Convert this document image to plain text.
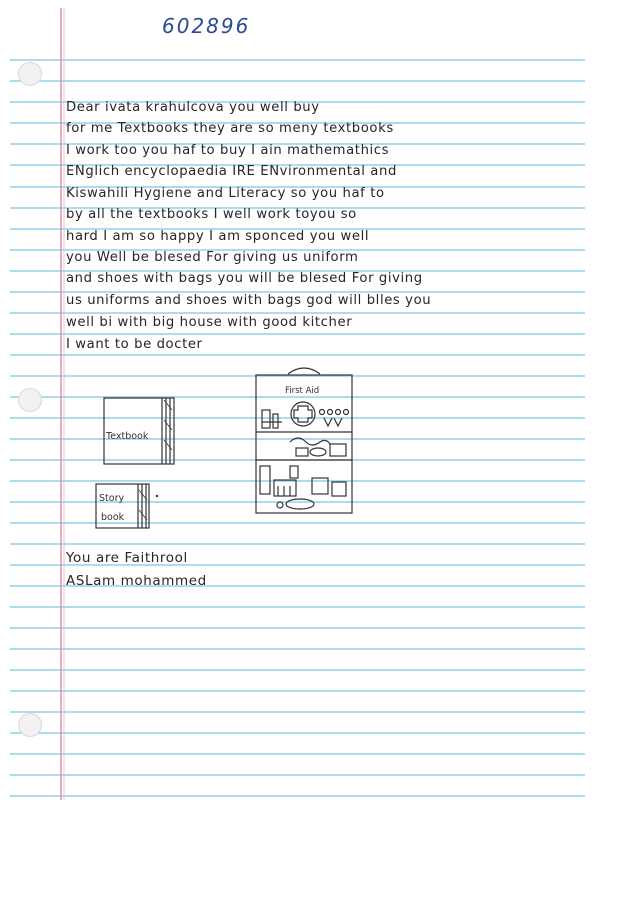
602896
Dear ivata krahulcova you well buy
for me Textbooks they are so meny textbooks
I work too you haf to buy I ain mathemathics
ENglich encyclopaedia IRE ENvironmental and
Kiswahili Hygiene and Literacy so you haf to
by all the textbooks I well work toyou so
hard I am so happy I am sponced you well
you Well be blesed For giving us uniform
and shoes with bags you will be blesed For giving
us uniforms and shoes with bags god will blles you
well bi with big house with good kitcher
I want to be docter
Textbook
Story
book
First Aid
You are Faithrool
ASLam mohammed
